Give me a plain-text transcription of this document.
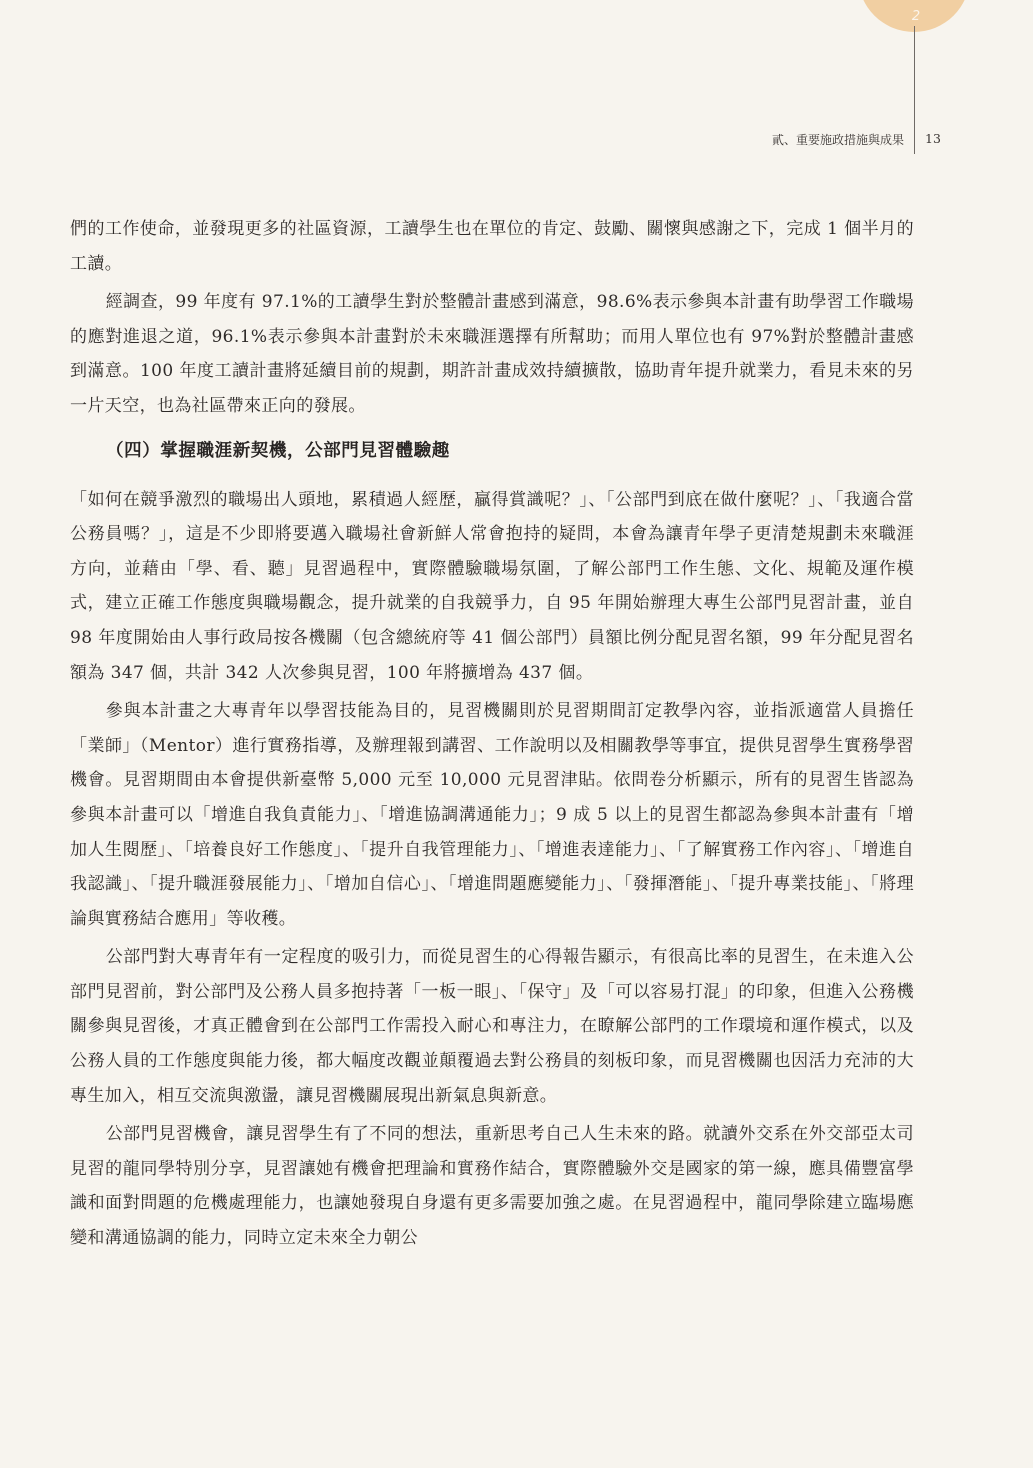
2
貳、重要施政措施與成果 13

們的工作使命，並發現更多的社區資源，工讀學生也在單位的肯定、鼓勵、關懷與感謝之下，完成 1 個半月的工讀。

經調查，99 年度有 97.1%的工讀學生對於整體計畫感到滿意，98.6%表示參與本計畫有助學習工作職場的應對進退之道，96.1%表示參與本計畫對於未來職涯選擇有所幫助；而用人單位也有 97%對於整體計畫感到滿意。100 年度工讀計畫將延續目前的規劃，期許計畫成效持續擴散，協助青年提升就業力，看見未來的另一片天空，也為社區帶來正向的發展。

（四）掌握職涯新契機，公部門見習體驗趣

「如何在競爭激烈的職場出人頭地，累積過人經歷，贏得賞識呢？」、「公部門到底在做什麼呢？」、「我適合當公務員嗎？」，這是不少即將要邁入職場社會新鮮人常會抱持的疑問，本會為讓青年學子更清楚規劃未來職涯方向，並藉由「學、看、聽」見習過程中，實際體驗職場氛圍，了解公部門工作生態、文化、規範及運作模式，建立正確工作態度與職場觀念，提升就業的自我競爭力，自 95 年開始辦理大專生公部門見習計畫，並自 98 年度開始由人事行政局按各機關（包含總統府等 41 個公部門）員額比例分配見習名額，99 年分配見習名額為 347 個，共計 342 人次參與見習，100 年將擴增為 437 個。

參與本計畫之大專青年以學習技能為目的，見習機關則於見習期間訂定教學內容，並指派適當人員擔任「業師」（Mentor）進行實務指導，及辦理報到講習、工作說明以及相關教學等事宜，提供見習學生實務學習機會。見習期間由本會提供新臺幣 5,000 元至 10,000 元見習津貼。依問卷分析顯示，所有的見習生皆認為參與本計畫可以「增進自我負責能力」、「增進協調溝通能力」；9 成 5 以上的見習生都認為參與本計畫有「增加人生閱歷」、「培養良好工作態度」、「提升自我管理能力」、「增進表達能力」、「了解實務工作內容」、「增進自我認識」、「提升職涯發展能力」、「增加自信心」、「增進問題應變能力」、「發揮潛能」、「提升專業技能」、「將理論與實務結合應用」等收穫。

公部門對大專青年有一定程度的吸引力，而從見習生的心得報告顯示，有很高比率的見習生，在未進入公部門見習前，對公部門及公務人員多抱持著「一板一眼」、「保守」及「可以容易打混」的印象，但進入公務機關參與見習後，才真正體會到在公部門工作需投入耐心和專注力，在瞭解公部門的工作環境和運作模式，以及公務人員的工作態度與能力後，都大幅度改觀並顛覆過去對公務員的刻板印象，而見習機關也因活力充沛的大專生加入，相互交流與激盪，讓見習機關展現出新氣息與新意。

公部門見習機會，讓見習學生有了不同的想法，重新思考自己人生未來的路。就讀外交系在外交部亞太司見習的龍同學特別分享，見習讓她有機會把理論和實務作結合，實際體驗外交是國家的第一線，應具備豐富學識和面對問題的危機處理能力，也讓她發現自身還有更多需要加強之處。在見習過程中，龍同學除建立臨場應變和溝通協調的能力，同時立定未來全力朝公
